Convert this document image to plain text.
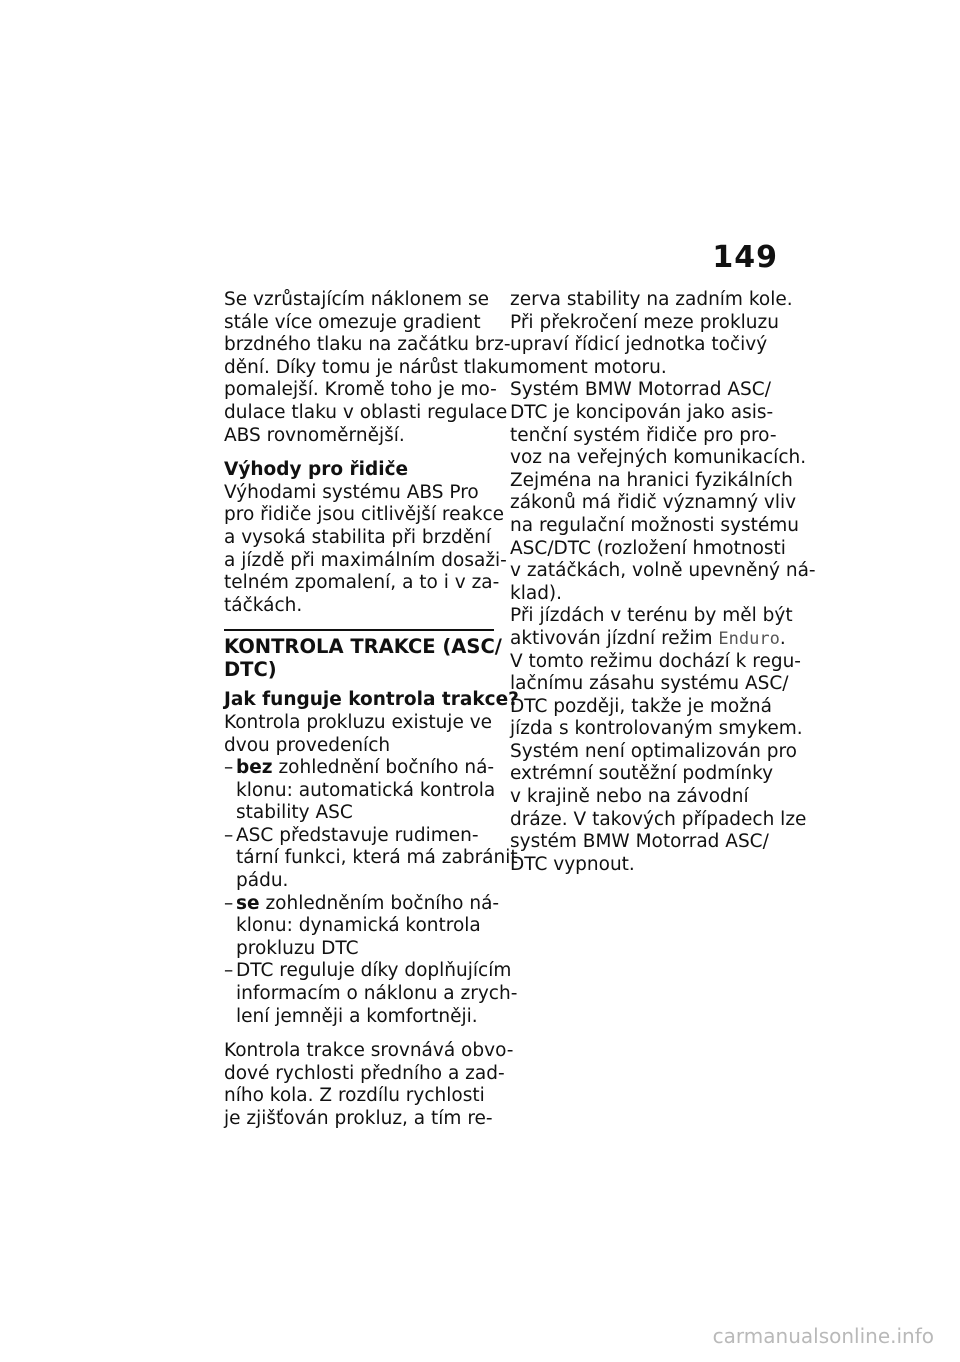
149

Se vzrůstajícím náklonem se

stále více omezuje gradient

brzdného tlaku na začátku brz-

dění. Díky tomu je nárůst tlaku

pomalejší. Kromě toho je mo-

dulace tlaku v oblasti regulace

ABS rovnoměrnější.

Výhody pro řidiče

Výhodami systému ABS Pro

pro řidiče jsou citlivější reakce

a vysoká stabilita při brzdění

a jízdě při maximálním dosaži-

telném zpomalení, a to i v za-

táčkách.

KONTROLA TRAKCE (ASC/

DTC)

Jak funguje kontrola trakce?

Kontrola prokluzu existuje ve

dvou provedeních

– bez zohlednění bočního ná-
klonu: automatická kontrola
stability ASC
– ASC představuje rudimen-
tární funkci, která má zabránit
pádu.
– se zohledněním bočního ná-
klonu: dynamická kontrola
prokluzu DTC
– DTC reguluje díky doplňujícím
informacím o náklonu a zrych-
lení jemněji a komfortněji.

Kontrola trakce srovnává obvo-

dové rychlosti předního a zad-

ního kola. Z rozdílu rychlosti

je zjišťován prokluz, a tím re-

zerva stability na zadním kole.

Při překročení meze prokluzu

upraví řídicí jednotka točivý

moment motoru.

Systém BMW Motorrad ASC/

DTC je koncipován jako asis-

tenční systém řidiče pro pro-

voz na veřejných komunikacích.

Zejména na hranici fyzikálních

zákonů má řidič významný vliv

na regulační možnosti systému

ASC/DTC (rozložení hmotnosti

v zatáčkách, volně upevněný ná-

klad).

Při jízdách v terénu by měl být

aktivován jízdní režim Enduro.

V tomto režimu dochází k regu-

lačnímu zásahu systému ASC/

DTC později, takže je možná

jízda s kontrolovaným smykem.

Systém není optimalizován pro

extrémní soutěžní podmínky

v krajině nebo na závodní

dráze. V takových případech lze

systém BMW Motorrad ASC/

DTC vypnout.

carmanualsonline.info
